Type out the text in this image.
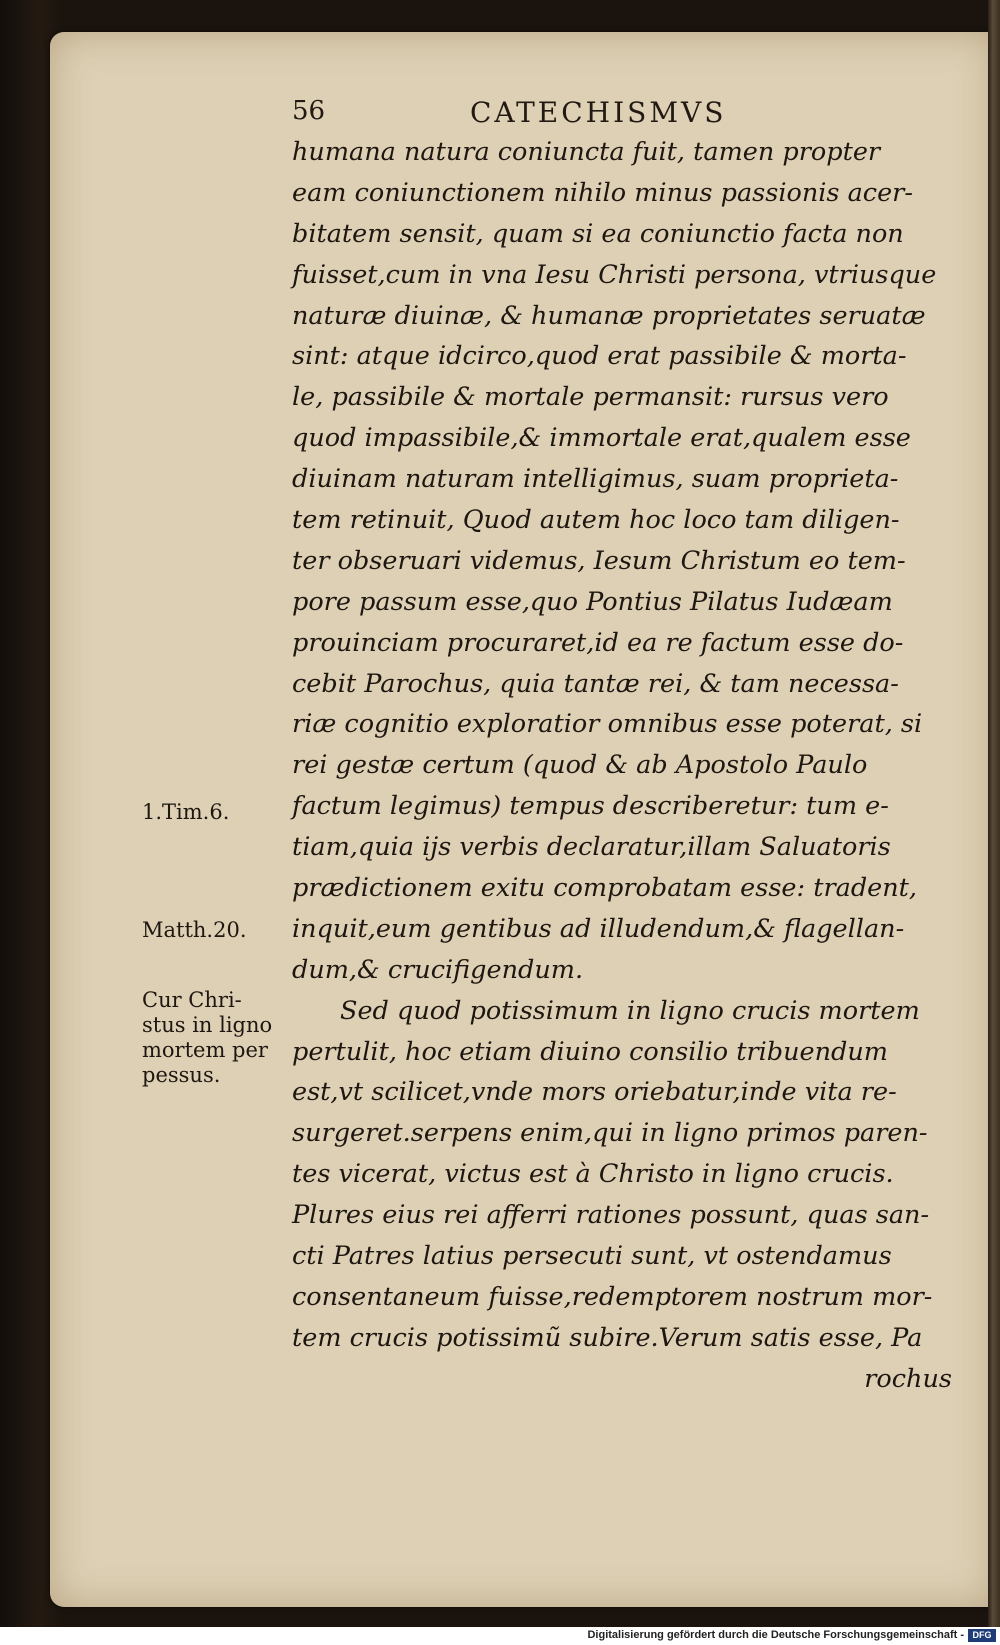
56	CATECHISMVS
humana natura coniuncta fuit, tamen propter
eam coniunctionem nihilo minus passionis acer-
bitatem sensit, quam si ea coniunctio facta non
fuisset,cum in vna Iesu Christi persona, vtriusque
naturæ diuinæ, & humanæ proprietates seruatæ
sint: atque idcirco,quod erat passibile & morta-
le, passibile & mortale permansit: rursus vero
quod impassibile,& immortale erat,qualem esse
diuinam naturam intelligimus, suam proprieta-
tem retinuit, Quod autem hoc loco tam diligen-
ter obseruari videmus, Iesum Christum eo tem-
pore passum esse,quo Pontius Pilatus Iudæam
prouinciam procuraret,id ea re factum esse do-
cebit Parochus, quia tantæ rei, & tam necessa-
riæ cognitio exploratior omnibus esse poterat, si
rei gestæ certum (quod & ab Apostolo Paulo
factum legimus) tempus describeretur: tum e-
tiam,quia ijs verbis declaratur,illam Saluatoris
prædictionem exitu comprobatam esse: tradent,
inquit,eum gentibus ad illudendum,& flagellan-
dum,& crucifigendum.
Sed quod potissimum in ligno crucis mortem
pertulit, hoc etiam diuino consilio tribuendum
est,vt scilicet,vnde mors oriebatur,inde vita re-
surgeret.serpens enim,qui in ligno primos paren-
tes vicerat, victus est à Christo in ligno crucis.
Plures eius rei afferri rationes possunt, quas san-
cti Patres latius persecuti sunt, vt ostendamus
consentaneum fuisse,redemptorem nostrum mor-
tem crucis potissimũ subire.Verum satis esse, Pa
rochus
1.Tim.6.
Matth.20.
Cur Chri-
stus in ligno
mortem per
pessus.
Digitalisierung gefördert durch die Deutsche Forschungsgemeinschaft - DFG
